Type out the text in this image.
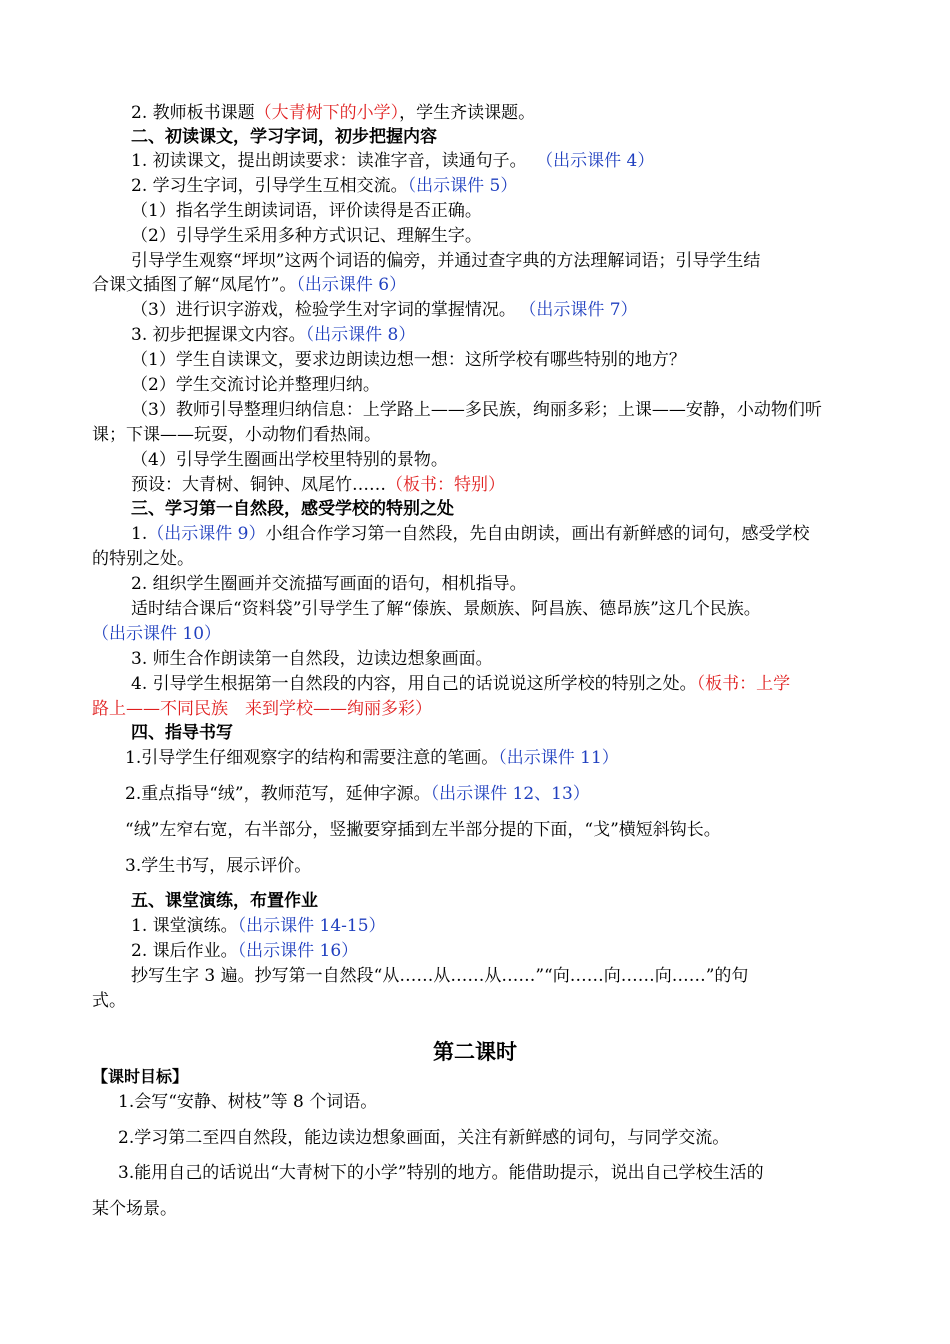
2. 教师板书课题（大青树下的小学），学生齐读课题。
二、初读课文，学习字词，初步把握内容
1. 初读课文，提出朗读要求：读准字音，读通句子。 （出示课件 4）
2. 学习生字词，引导学生互相交流。（出示课件 5）
（1）指名学生朗读词语，评价读得是否正确。
（2）引导学生采用多种方式识记、理解生字。
引导学生观察“坪坝”这两个词语的偏旁，并通过查字典的方法理解词语；引导学生结
合课文插图了解“凤尾竹”。（出示课件 6）
（3）进行识字游戏，检验学生对字词的掌握情况。 （出示课件 7）
3. 初步把握课文内容。（出示课件 8）
（1）学生自读课文，要求边朗读边想一想：这所学校有哪些特别的地方？
（2）学生交流讨论并整理归纳。
（3）教师引导整理归纳信息：上学路上——多民族，绚丽多彩；上课——安静，小动物们听
课；下课——玩耍，小动物们看热闹。
（4）引导学生圈画出学校里特别的景物。
预设：大青树、铜钟、凤尾竹……（板书：特别）
三、学习第一自然段，感受学校的特别之处
1.（出示课件 9）小组合作学习第一自然段，先自由朗读，画出有新鲜感的词句，感受学校
的特别之处。
2. 组织学生圈画并交流描写画面的语句，相机指导。
适时结合课后“资料袋”引导学生了解“傣族、景颇族、阿昌族、德昂族”这几个民族。
（出示课件 10）
3. 师生合作朗读第一自然段，边读边想象画面。
4. 引导学生根据第一自然段的内容，用自己的话说说这所学校的特别之处。（板书：上学
路上——不同民族　来到学校——绚丽多彩）
四、指导书写
1.引导学生仔细观察字的结构和需要注意的笔画。（出示课件 11）
2.重点指导“绒”，教师范写，延伸字源。（出示课件 12、13）
“绒”左窄右宽，右半部分，竖撇要穿插到左半部分提的下面，“戈”横短斜钩长。
3.学生书写，展示评价。
五、课堂演练，布置作业
1. 课堂演练。（出示课件 14-15）
2. 课后作业。（出示课件 16）
抄写生字 3 遍。抄写第一自然段“从……从……从……”“向……向……向……”的句
式。
第二课时
【课时目标】
1.会写“安静、树枝”等 8 个词语。
2.学习第二至四自然段，能边读边想象画面，关注有新鲜感的词句，与同学交流。
3.能用自己的话说出“大青树下的小学”特别的地方。能借助提示，说出自己学校生活的
某个场景。
